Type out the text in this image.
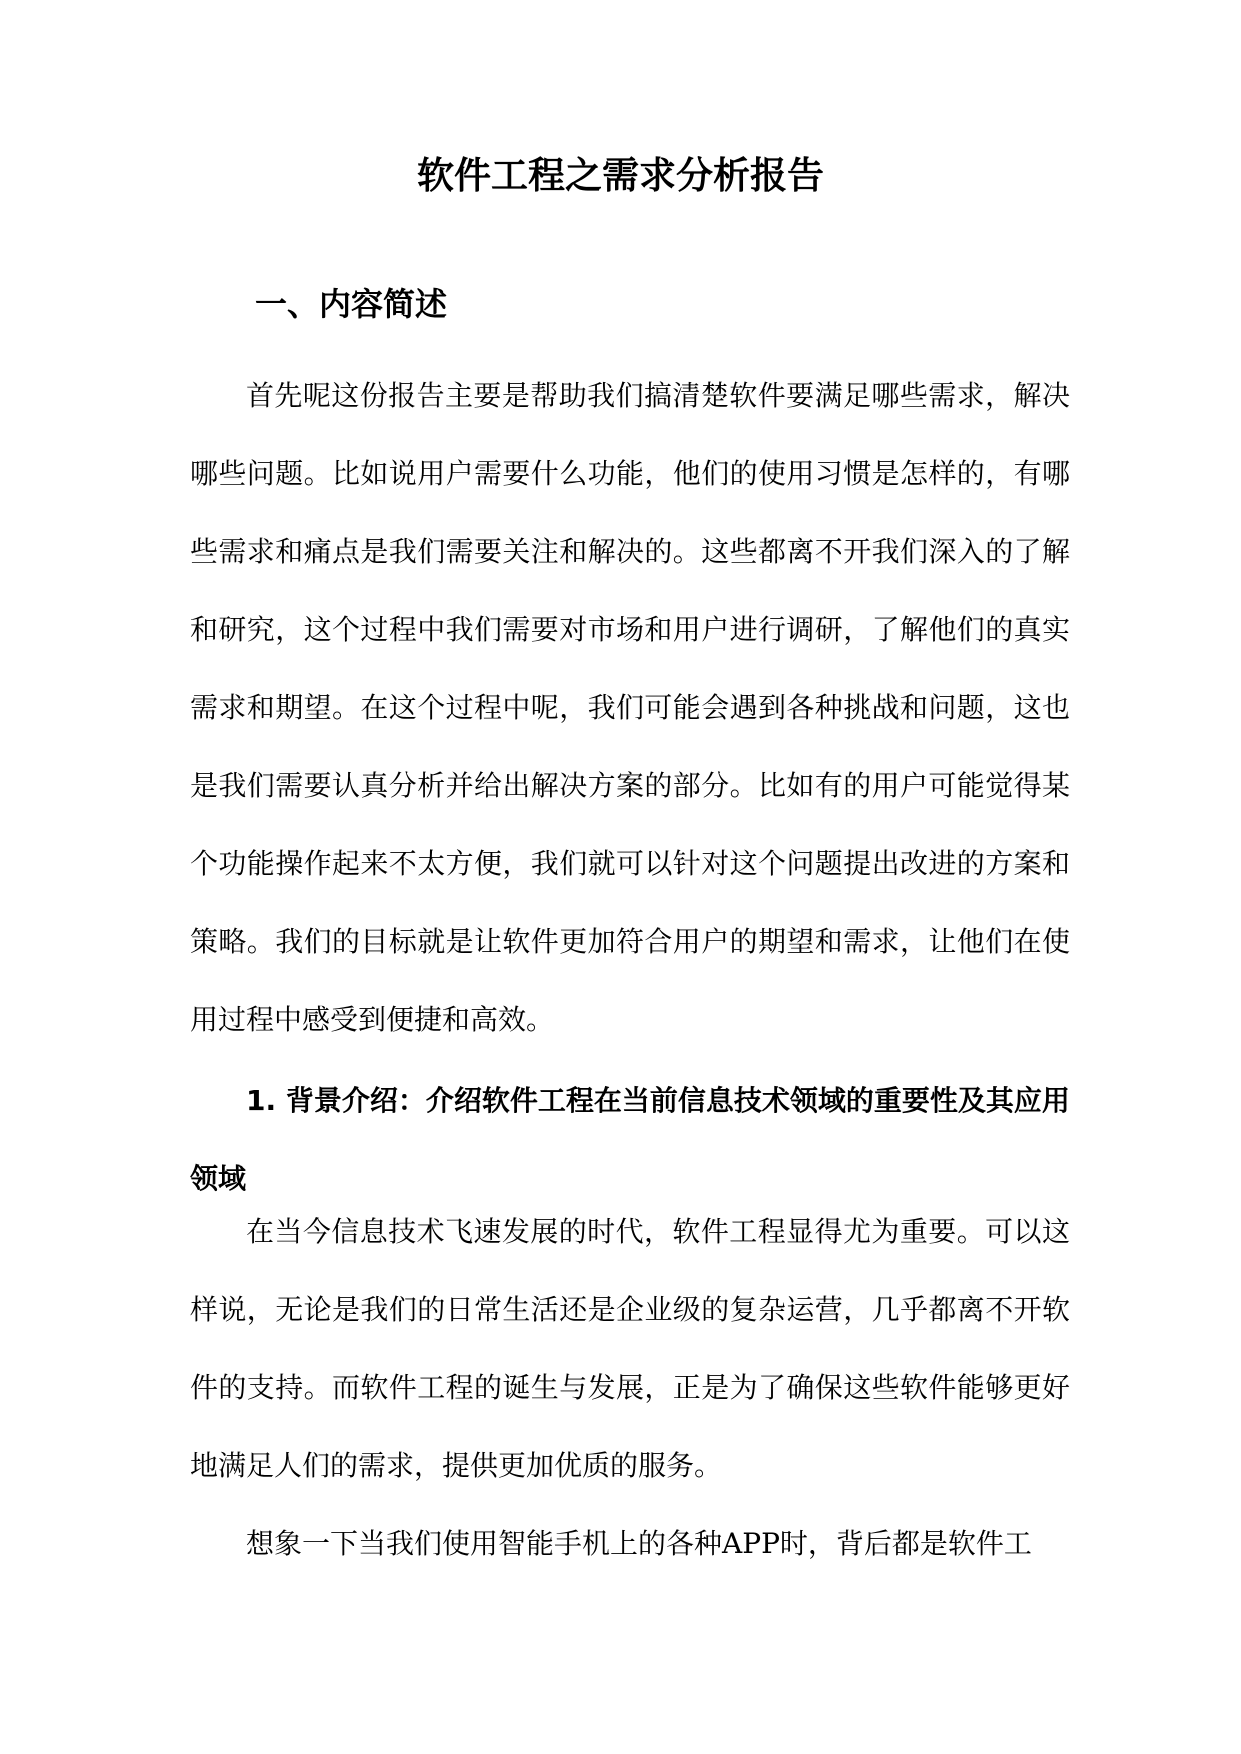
软件工程之需求分析报告
一、内容简述

首先呢这份报告主要是帮助我们搞清楚软件要满足哪些需求，解决哪些问题。比如说用户需要什么功能，他们的使用习惯是怎样的，有哪些需求和痛点是我们需要关注和解决的。这些都离不开我们深入的了解和研究，这个过程中我们需要对市场和用户进行调研，了解他们的真实需求和期望。在这个过程中呢，我们可能会遇到各种挑战和问题，这也是我们需要认真分析并给出解决方案的部分。比如有的用户可能觉得某个功能操作起来不太方便，我们就可以针对这个问题提出改进的方案和策略。我们的目标就是让软件更加符合用户的期望和需求，让他们在使用过程中感受到便捷和高效。

1. 背景介绍：介绍软件工程在当前信息技术领域的重要性及其应用领域

在当今信息技术飞速发展的时代，软件工程显得尤为重要。可以这样说，无论是我们的日常生活还是企业级的复杂运营，几乎都离不开软件的支持。而软件工程的诞生与发展，正是为了确保这些软件能够更好地满足人们的需求，提供更加优质的服务。

想象一下当我们使用智能手机上的各种APP时，背后都是软件工
